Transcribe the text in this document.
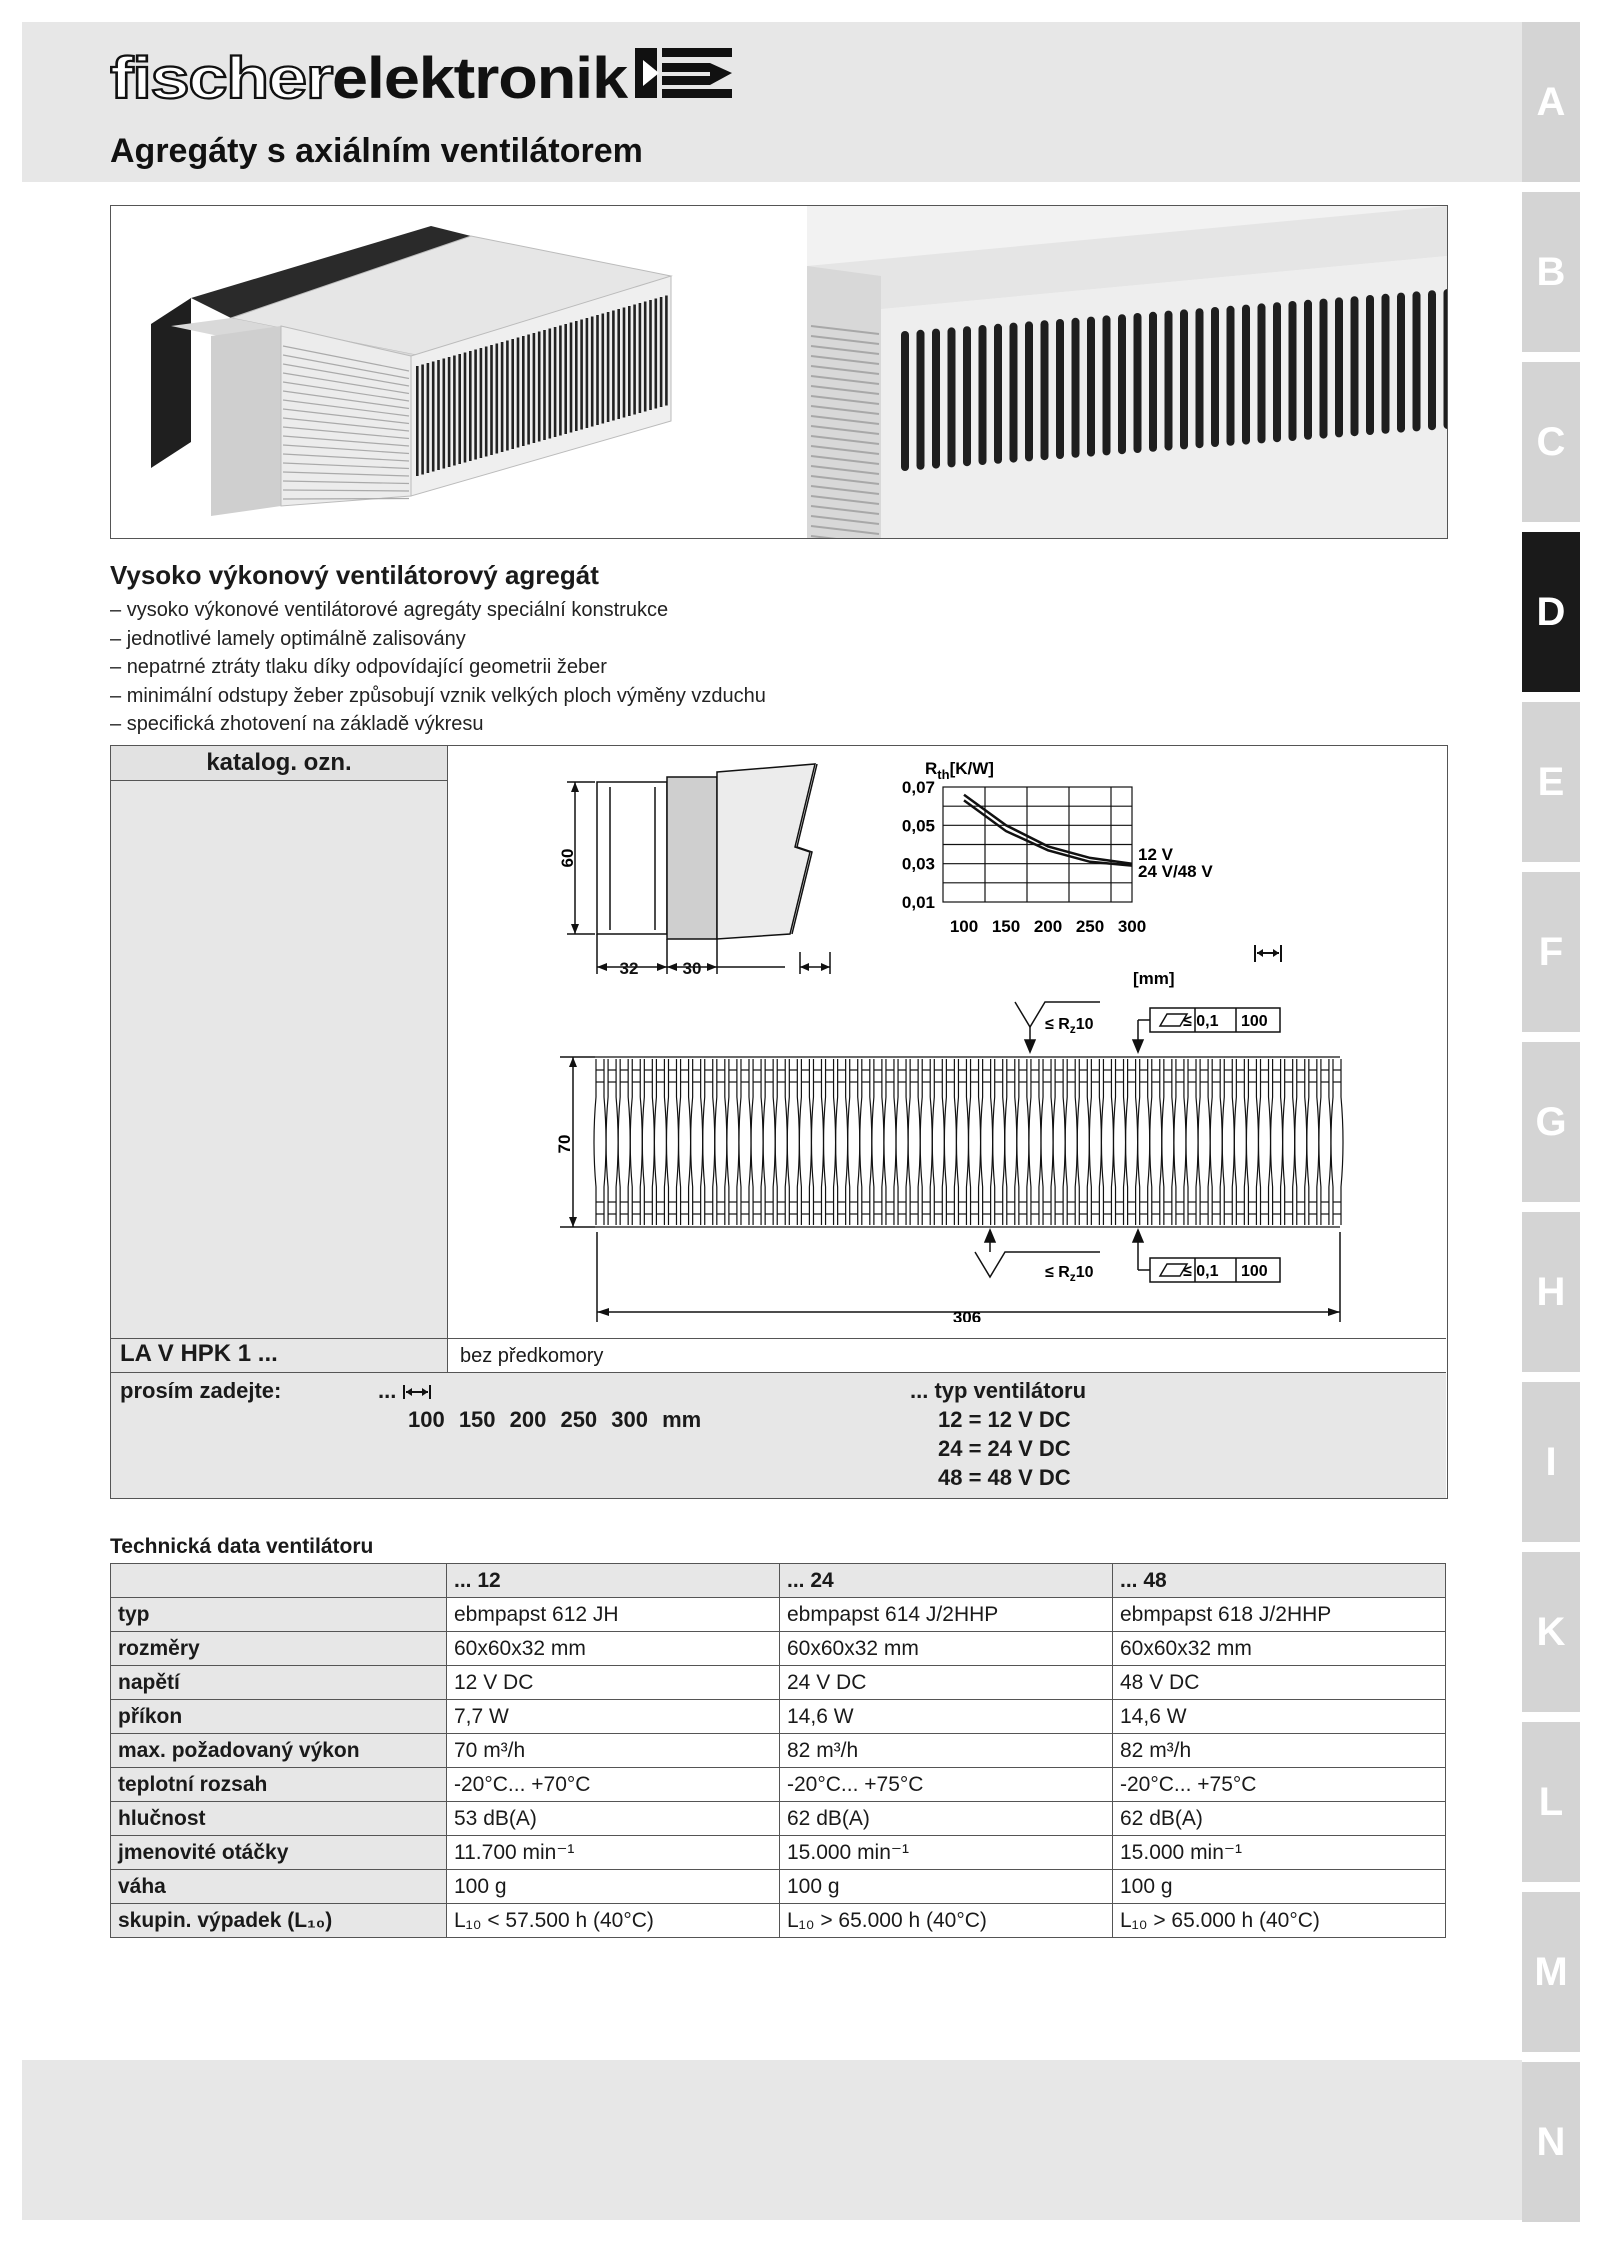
fischer elektronik
Agregáty s axiálním ventilátorem
A
B
C
D
E
F
G
H
I
K
L
M
N
Vysoko výkonový ventilátorový agregát
– vysoko výkonové ventilátorové agregáty speciální konstrukce
– jednotlivé lamely optimálně zalisovány
– nepatrné ztráty tlaku díky odpovídající geometrii žeber
– minimální odstupy žeber způsobují vznik velkých ploch výměny vzduchu
– specifická zhotovení na základě výkresu
katalog. ozn.
LA V HPK 1 ...	bez předkomory
prosím zadejte:	...
100 150 200 250 300 mm
... typ ventilátoru
12 = 12 V DC
24 = 24 V DC
48 = 48 V DC
60
32	30
$R_{th}[K/W]$
0,07
0,05
0,03
0,01
100 150 200 250 300
12 V
24 V/48 V
[mm]
≤ $R_z10$	≤ 0,1 100
70
306
≤ $R_z10$	≤ 0,1 100
Technická data ventilátoru
	... 12	... 24	... 48
typ	ebmpapst 612 JH	ebmpapst 614 J/2HHP	ebmpapst 618 J/2HHP
rozměry	60x60x32 mm	60x60x32 mm	60x60x32 mm
napětí	12 V DC	24 V DC	48 V DC
příkon	7,7 W	14,6 W	14,6 W
max. požadovaný výkon	70 m³/h	82 m³/h	82 m³/h
teplotní rozsah	-20°C... +70°C	-20°C... +75°C	-20°C... +75°C
hlučnost	53 dB(A)	62 dB(A)	62 dB(A)
jmenovité otáčky	11.700 min⁻¹	15.000 min⁻¹	15.000 min⁻¹
váha	100 g	100 g	100 g
skupin. výpadek (L₁₀)	L₁₀ < 57.500 h (40°C)	L₁₀ > 65.000 h (40°C)	L₁₀ > 65.000 h (40°C)
